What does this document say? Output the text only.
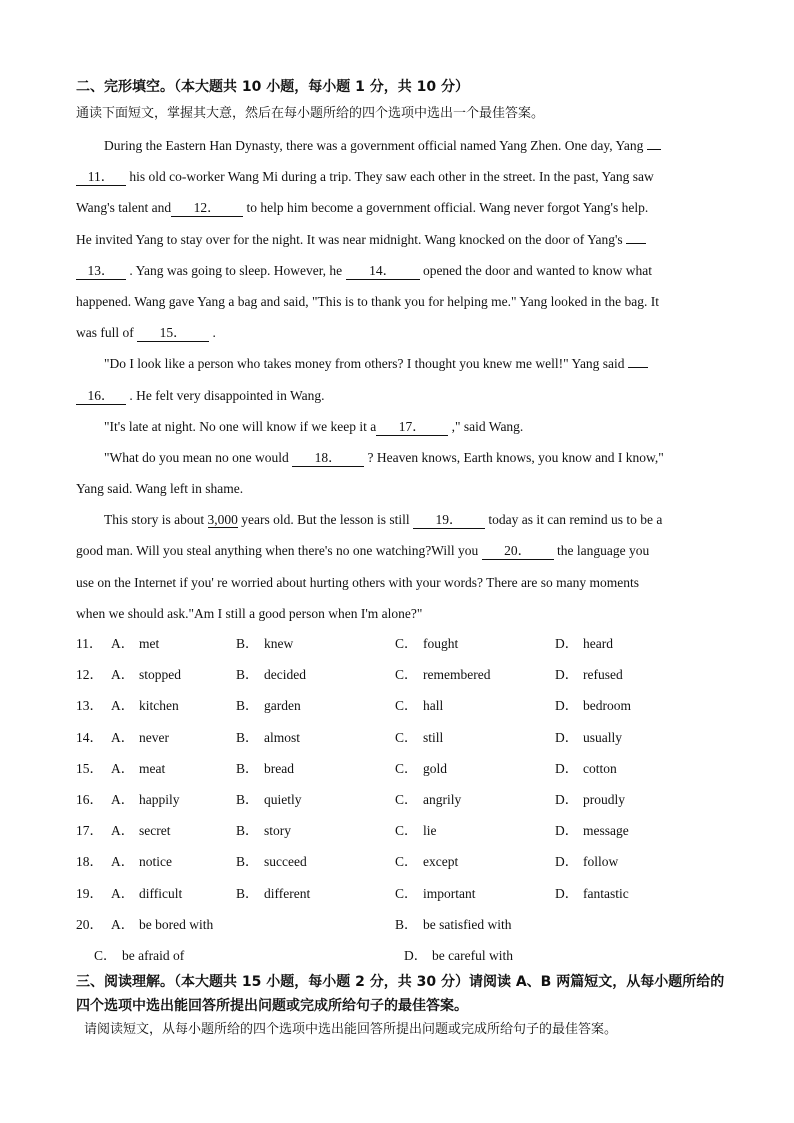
二、完形填空。（本大题共 10 小题，每小题 1 分，共 10 分）
通读下面短文，掌握其大意，然后在每小题所给的四个选项中选出一个最佳答案。
During the Eastern Han Dynasty, there was a government official named Yang Zhen. One day, Yang
11． his old co-worker Wang Mi during a trip. They saw each other in the street. In the past, Yang saw
Wang's talent and 12． to help him become a government official. Wang never forgot Yang's help.
He invited Yang to stay over for the night. It was near midnight. Wang knocked on the door of Yang's
13． . Yang was going to sleep. However, he 14． opened the door and wanted to know what
happened. Wang gave Yang a bag and said, "This is to thank you for helping me." Yang looked in the bag. It
was full of 15． .
"Do I look like a person who takes money from others? I thought you knew me well!" Yang said
16． . He felt very disappointed in Wang.
"It's late at night. No one will know if we keep it a 17． ," said Wang.
"What do you mean no one would 18． ? Heaven knows, Earth knows, you know and I know,"
Yang said. Wang left in shame.
This story is about 3,000 years old. But the lesson is still 19． today as it can remind us to be a
good man. Will you steal anything when there's no one watching?Will you 20． the language you
use on the Internet if you' re worried about hurting others with your words? There are so many moments
when we should ask."Am I still a good person when I'm alone?"
11． A． met	B． knew	C． fought	D． heard
12． A． stopped	B． decided	C． remembered	D． refused
13． A． kitchen	B． garden	C． hall	D． bedroom
14． A． never	B． almost	C． still	D． usually
15． A． meat	B． bread	C． gold	D． cotton
16． A． happily	B． quietly	C． angrily	D． proudly
17． A． secret	B． story	C． lie	D． message
18． A． notice	B． succeed	C． except	D． follow
19． A． difficult	B． different	C． important	D． fantastic
20． A． be bored with	B． be satisfied with
C． be afraid of	D． be careful with
三、阅读理解。（本大题共 15 小题，每小题 2 分，共 30 分）请阅读 A、B 两篇短文，从每小题所给的四个选项中选出能回答所提出问题或完成所给句子的最佳答案。
请阅读短文，从每小题所给的四个选项中选出能回答所提出问题或完成所给句子的最佳答案。
